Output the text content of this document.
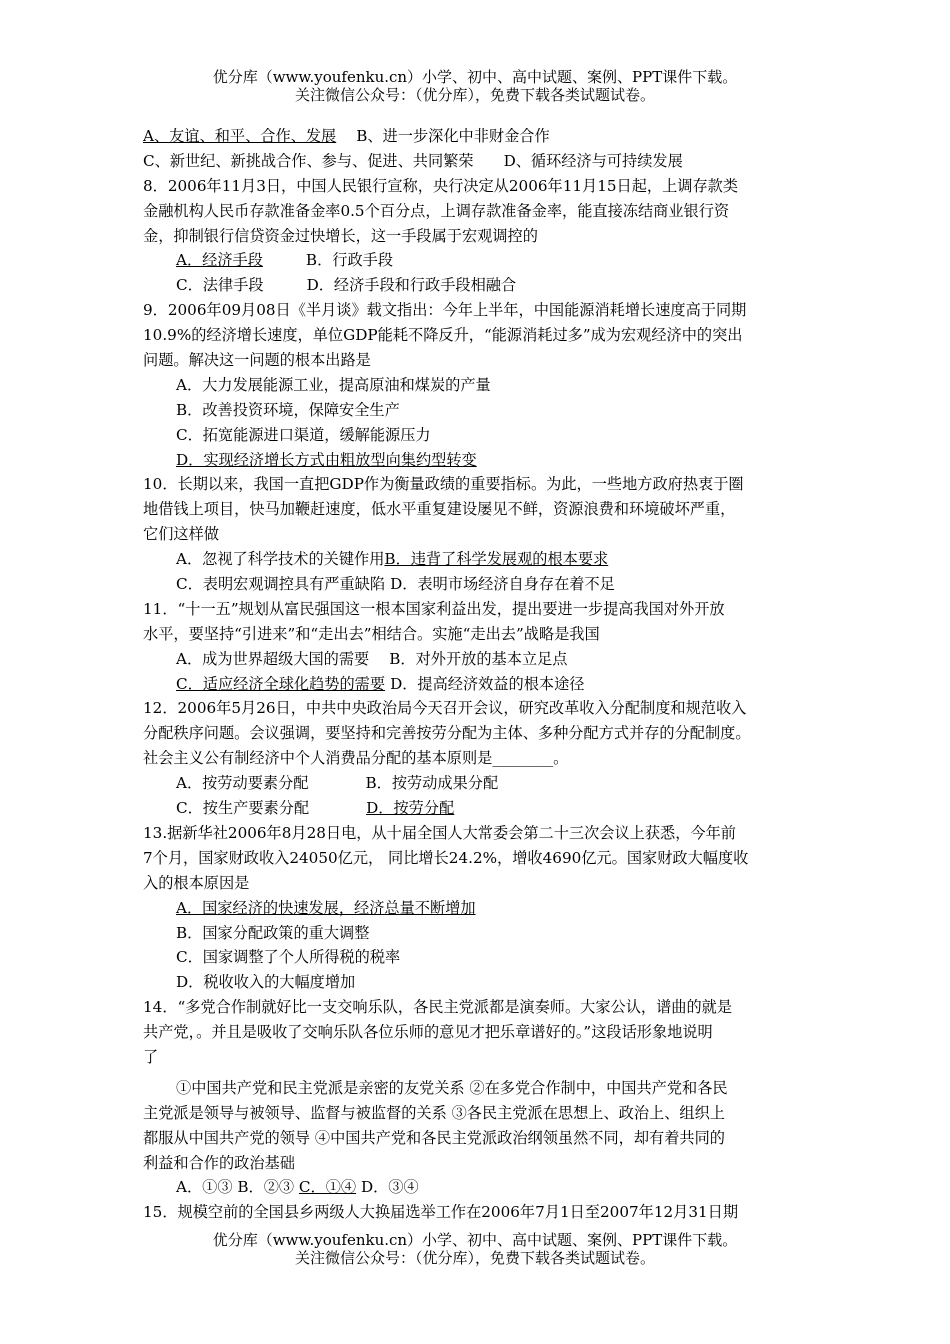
优分库（www.youfenku.cn）小学、初中、高中试题、案例、PPT课件下载。
关注微信公众号：（优分库），免费下载各类试题试卷。
A、友谊、和平、合作、发展 B、进一步深化中非财金合作
C、新世纪、新挑战合作、参与、促进、共同繁荣 D、循环经济与可持续发展
8．2006年11月3日，中国人民银行宣称，央行决定从2006年11月15日起，上调存款类
金融机构人民币存款准备金率0.5个百分点，上调存款准备金率，能直接冻结商业银行资
金，抑制银行信贷资金过快增长，这一手段属于宏观调控的
A．经济手段	B．行政手段
C．法律手段	D．经济手段和行政手段相融合
9．2006年09月08日《半月谈》载文指出：今年上半年，中国能源消耗增长速度高于同期
10.9%的经济增长速度，单位GDP能耗不降反升，“能源消耗过多”成为宏观经济中的突出
问题。解决这一问题的根本出路是
A．大力发展能源工业，提高原油和煤炭的产量
B．改善投资环境，保障安全生产
C．拓宽能源进口渠道，缓解能源压力
D．实现经济增长方式由粗放型向集约型转变
10．长期以来，我国一直把GDP作为衡量政绩的重要指标。为此，一些地方政府热衷于圈
地借钱上项目，快马加鞭赶速度，低水平重复建设屡见不鲜，资源浪费和环境破坏严重，
它们这样做
A．忽视了科学技术的关键作用B．违背了科学发展观的根本要求
C．表明宏观调控具有严重缺陷 D．表明市场经济自身存在着不足
11．“十一五”规划从富民强国这一根本国家利益出发，提出要进一步提高我国对外开放
水平，要坚持“引进来”和“走出去”相结合。实施“走出去”战略是我国
A．成为世界超级大国的需要 B．对外开放的基本立足点
C．适应经济全球化趋势的需要 D．提高经济效益的根本途径
12．2006年5月26日，中共中央政治局今天召开会议，研究改革收入分配制度和规范收入
分配秩序问题。会议强调，要坚持和完善按劳分配为主体、多种分配方式并存的分配制度。
社会主义公有制经济中个人消费品分配的基本原则是________。
A．按劳动要素分配	B．按劳动成果分配
C．按生产要素分配	D．按劳分配
13.据新华社2006年8月28日电，从十届全国人大常委会第二十三次会议上获悉，今年前
7个月，国家财政收入24050亿元， 同比增长24.2%，增收4690亿元。国家财政大幅度收
入的根本原因是
A．国家经济的快速发展，经济总量不断增加
B．国家分配政策的重大调整
C．国家调整了个人所得税的税率
D．税收收入的大幅度增加
14．“多党合作制就好比一支交响乐队，各民主党派都是演奏师。大家公认，谱曲的就是
共产党，。并且是吸收了交响乐队各位乐师的意见才把乐章谱好的。”这段话形象地说明
了
①中国共产党和民主党派是亲密的友党关系 ②在多党合作制中，中国共产党和各民
主党派是领导与被领导、监督与被监督的关系 ③各民主党派在思想上、政治上、组织上
都服从中国共产党的领导 ④中国共产党和各民主党派政治纲领虽然不同，却有着共同的
利益和合作的政治基础
A．①③ B．②③ C．①④ D．③④
15．规模空前的全国县乡两级人大换届选举工作在2006年7月1日至2007年12月31日期
优分库（www.youfenku.cn）小学、初中、高中试题、案例、PPT课件下载。
关注微信公众号：（优分库），免费下载各类试题试卷。
